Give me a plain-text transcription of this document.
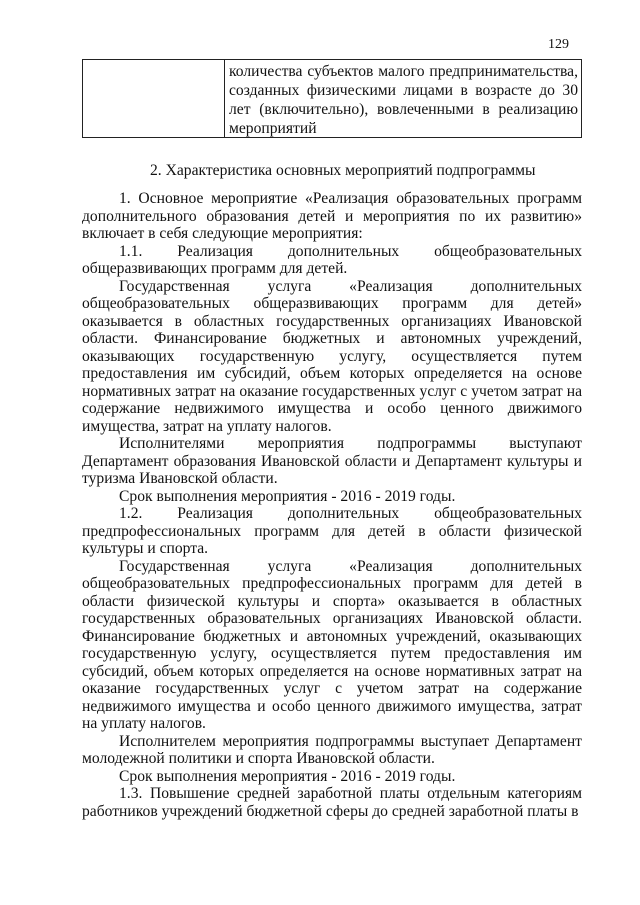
129
количества субъектов малого предпринимательства, созданных физическими лицами в возрасте до 30 лет (включительно), вовлеченными в реализацию мероприятий
2. Характеристика основных мероприятий подпрограммы

1. Основное мероприятие «Реализация образовательных программ дополнительного образования детей и мероприятия по их развитию» включает в себя следующие мероприятия:

1.1. Реализация дополнительных общеобразовательных общеразвивающих программ для детей.

Государственная услуга «Реализация дополнительных общеобразовательных общеразвивающих программ для детей» оказывается в областных государственных организациях Ивановской области. Финансирование бюджетных и автономных учреждений, оказывающих государственную услугу, осуществляется путем предоставления им субсидий, объем которых определяется на основе нормативных затрат на оказание государственных услуг с учетом затрат на содержание недвижимого имущества и особо ценного движимого имущества, затрат на уплату налогов.

Исполнителями мероприятия подпрограммы выступают Департамент образования Ивановской области и Департамент культуры и туризма Ивановской области.

Срок выполнения мероприятия - 2016 - 2019 годы.

1.2. Реализация дополнительных общеобразовательных предпрофессиональных программ для детей в области физической культуры и спорта.

Государственная услуга «Реализация дополнительных общеобразовательных предпрофессиональных программ для детей в области физической культуры и спорта» оказывается в областных государственных образовательных организациях Ивановской области. Финансирование бюджетных и автономных учреждений, оказывающих государственную услугу, осуществляется путем предоставления им субсидий, объем которых определяется на основе нормативных затрат на оказание государственных услуг с учетом затрат на содержание недвижимого имущества и особо ценного движимого имущества, затрат на уплату налогов.

Исполнителем мероприятия подпрограммы выступает Департамент молодежной политики и спорта Ивановской области.

Срок выполнения мероприятия - 2016 - 2019 годы.

1.3. Повышение средней заработной платы отдельным категориям работников учреждений бюджетной сферы до средней заработной платы в
